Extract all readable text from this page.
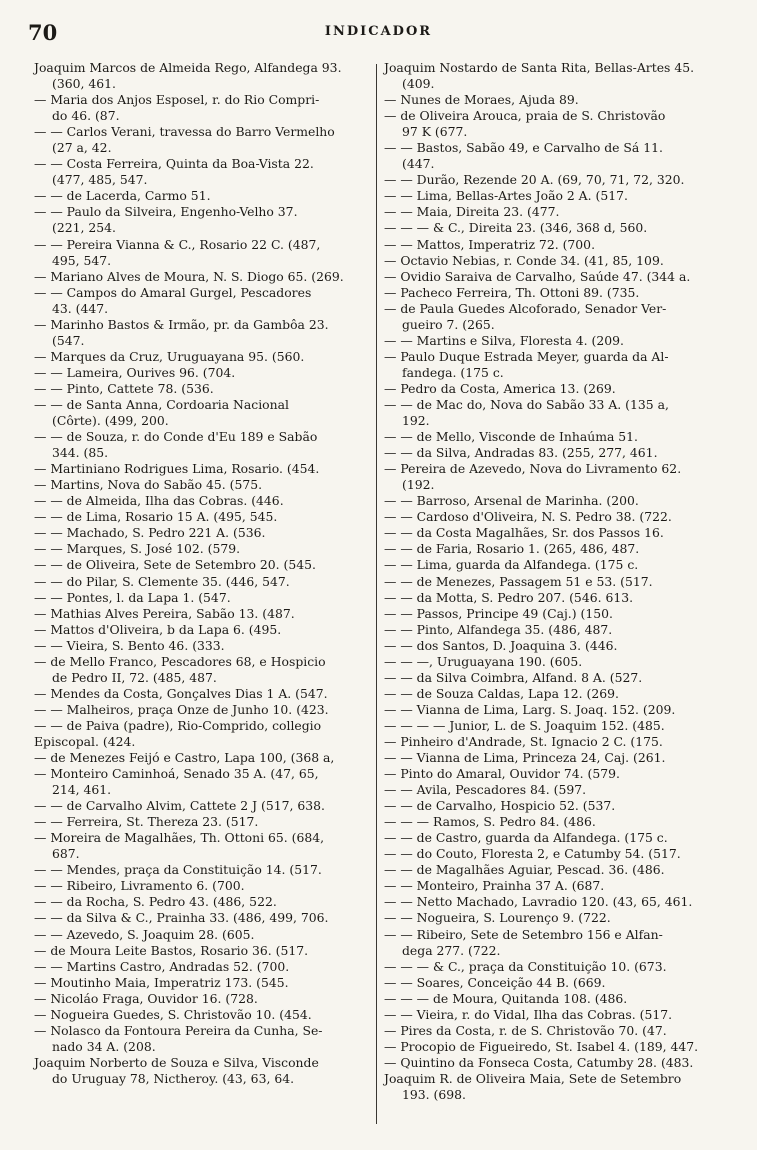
70	INDICADOR
Joaquim Marcos de Almeida Rego, Alfandega 93.
(360, 461.
— Maria dos Anjos Esposel, r. do Rio Compri-
do 46. (87.
— — Carlos Verani, travessa do Barro Vermelho
(27 a, 42.
— — Costa Ferreira, Quinta da Boa-Vista 22.
(477, 485, 547.
— — de Lacerda, Carmo 51.
— — Paulo da Silveira, Engenho-Velho 37.
(221, 254.
— — Pereira Vianna & C., Rosario 22 C. (487,
495, 547.
— Mariano Alves de Moura, N. S. Diogo 65. (269.
— — Campos do Amaral Gurgel, Pescadores
43. (447.
— Marinho Bastos & Irmão, pr. da Gambôa 23.
(547.
— Marques da Cruz, Uruguayana 95. (560.
— — Lameira, Ourives 96. (704.
— — Pinto, Cattete 78. (536.
— — de Santa Anna, Cordoaria Nacional
(Côrte). (499, 200.
— — de Souza, r. do Conde d'Eu 189 e Sabão
344. (85.
— Martiniano Rodrigues Lima, Rosario. (454.
— Martins, Nova do Sabão 45. (575.
— — de Almeida, Ilha das Cobras. (446.
— — de Lima, Rosario 15 A. (495, 545.
— — Machado, S. Pedro 221 A. (536.
— — Marques, S. José 102. (579.
— — de Oliveira, Sete de Setembro 20. (545.
— — do Pilar, S. Clemente 35. (446, 547.
— — Pontes, l. da Lapa 1. (547.
— Mathias Alves Pereira, Sabão 13. (487.
— Mattos d'Oliveira, b da Lapa 6. (495.
— — Vieira, S. Bento 46. (333.
— de Mello Franco, Pescadores 68, e Hospicio
de Pedro II, 72. (485, 487.
— Mendes da Costa, Gonçalves Dias 1 A. (547.
— — Malheiros, praça Onze de Junho 10. (423.
— — de Paiva (padre), Rio-Comprido, collegio
Episcopal. (424.
— de Menezes Feijó e Castro, Lapa 100, (368 a,
— Monteiro Caminhoá, Senado 35 A. (47, 65,
214, 461.
— — de Carvalho Alvim, Cattete 2 J (517, 638.
— — Ferreira, St. Thereza 23. (517.
— Moreira de Magalhães, Th. Ottoni 65. (684,
687.
— — Mendes, praça da Constituição 14. (517.
— — Ribeiro, Livramento 6. (700.
— — da Rocha, S. Pedro 43. (486, 522.
— — da Silva & C., Prainha 33. (486, 499, 706.
— — Azevedo, S. Joaquim 28. (605.
— de Moura Leite Bastos, Rosario 36. (517.
— — Martins Castro, Andradas 52. (700.
— Moutinho Maia, Imperatriz 173. (545.
— Nicoláo Fraga, Ouvidor 16. (728.
— Nogueira Guedes, S. Christovão 10. (454.
— Nolasco da Fontoura Pereira da Cunha, Se-
nado 34 A. (208.
Joaquim Norberto de Souza e Silva, Visconde
do Uruguay 78, Nictheroy. (43, 63, 64.
Joaquim Nostardo de Santa Rita, Bellas-Artes 45.
(409.
— Nunes de Moraes, Ajuda 89.
— de Oliveira Arouca, praia de S. Christovão
97 K (677.
— — Bastos, Sabão 49, e Carvalho de Sá 11.
(447.
— — Durão, Rezende 20 A. (69, 70, 71, 72, 320.
— — Lima, Bellas-Artes João 2 A. (517.
— — Maia, Direita 23. (477.
— — — & C., Direita 23. (346, 368 d, 560.
— — Mattos, Imperatriz 72. (700.
— Octavio Nebias, r. Conde 34. (41, 85, 109.
— Ovidio Saraiva de Carvalho, Saúde 47. (344 a.
— Pacheco Ferreira, Th. Ottoni 89. (735.
— de Paula Guedes Alcoforado, Senador Ver-
gueiro 7. (265.
— — Martins e Silva, Floresta 4. (209.
— Paulo Duque Estrada Meyer, guarda da Al-
fandega. (175 c.
— Pedro da Costa, America 13. (269.
— — de Mac do, Nova do Sabão 33 A. (135 a,
192.
— — de Mello, Visconde de Inhaúma 51.
— — da Silva, Andradas 83. (255, 277, 461.
— Pereira de Azevedo, Nova do Livramento 62.
(192.
— — Barroso, Arsenal de Marinha. (200.
— — Cardoso d'Oliveira, N. S. Pedro 38. (722.
— — da Costa Magalhães, Sr. dos Passos 16.
— — de Faria, Rosario 1. (265, 486, 487.
— — Lima, guarda da Alfandega. (175 c.
— — de Menezes, Passagem 51 e 53. (517.
— — da Motta, S. Pedro 207. (546. 613.
— — Passos, Principe 49 (Caj.) (150.
— — Pinto, Alfandega 35. (486, 487.
— — dos Santos, D. Joaquina 3. (446.
— — —, Uruguayana 190. (605.
— — da Silva Coimbra, Alfand. 8 A. (527.
— — de Souza Caldas, Lapa 12. (269.
— — Vianna de Lima, Larg. S. Joaq. 152. (209.
— — — — Junior, L. de S. Joaquim 152. (485.
— Pinheiro d'Andrade, St. Ignacio 2 C. (175.
— — Vianna de Lima, Princeza 24, Caj. (261.
— Pinto do Amaral, Ouvidor 74. (579.
— — Avila, Pescadores 84. (597.
— — de Carvalho, Hospicio 52. (537.
— — — Ramos, S. Pedro 84. (486.
— — de Castro, guarda da Alfandega. (175 c.
— — do Couto, Floresta 2, e Catumby 54. (517.
— — de Magalhães Aguiar, Pescad. 36. (486.
— — Monteiro, Prainha 37 A. (687.
— — Netto Machado, Lavradio 120. (43, 65, 461.
— — Nogueira, S. Lourenço 9. (722.
— — Ribeiro, Sete de Setembro 156 e Alfan-
dega 277. (722.
— — — & C., praça da Constituição 10. (673.
— — Soares, Conceição 44 B. (669.
— — — de Moura, Quitanda 108. (486.
— — Vieira, r. do Vidal, Ilha das Cobras. (517.
— Pires da Costa, r. de S. Christovão 70. (47.
— Procopio de Figueiredo, St. Isabel 4. (189, 447.
— Quintino da Fonseca Costa, Catumby 28. (483.
Joaquim R. de Oliveira Maia, Sete de Setembro
193. (698.
